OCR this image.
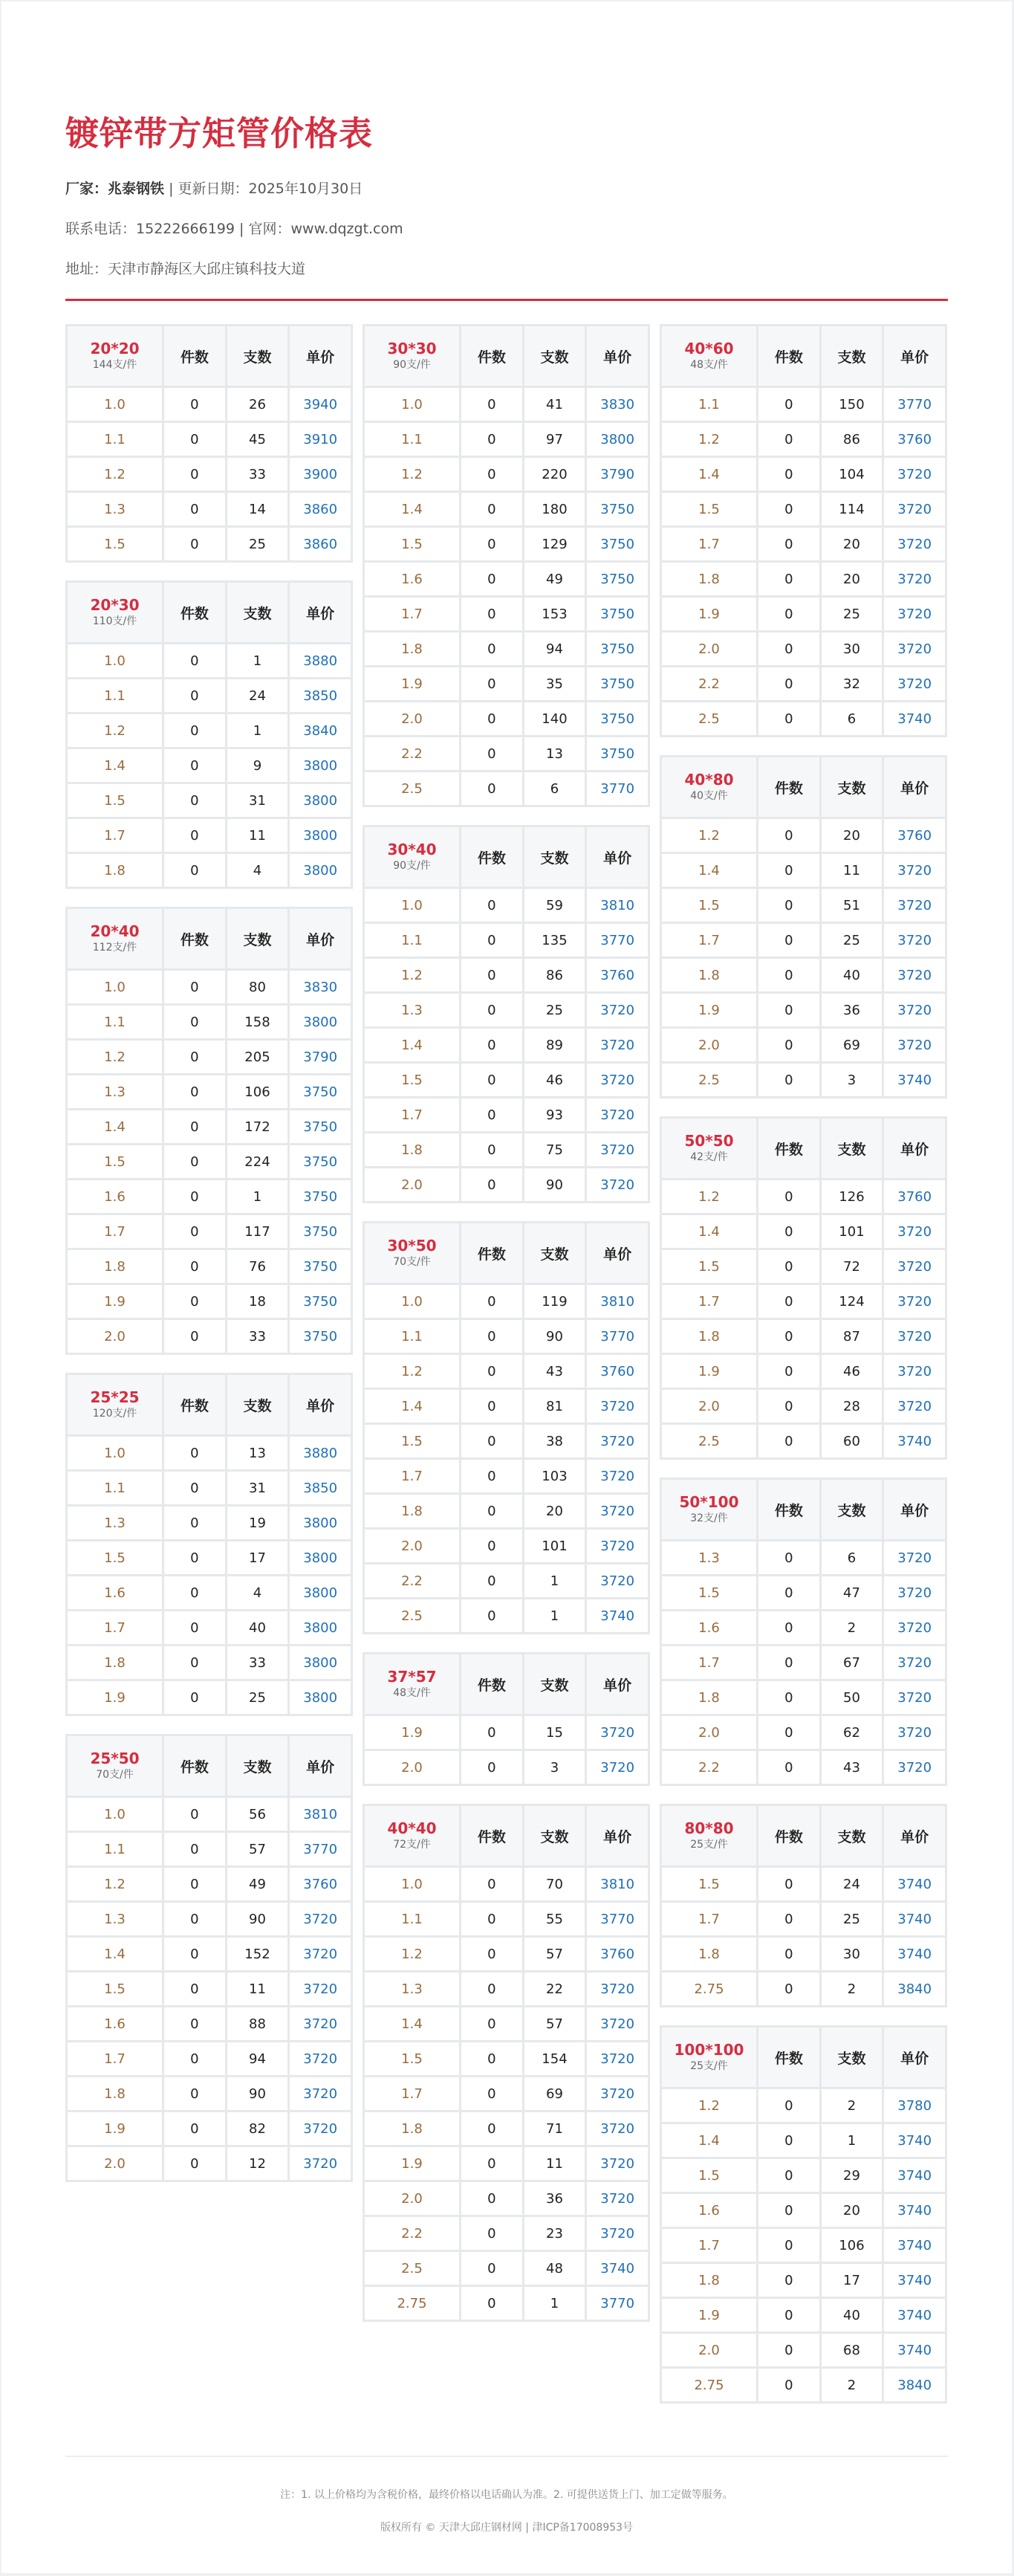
镀锌带方矩管价格表
厂家：兆泰钢铁 | 更新日期：2025年10月30日
联系电话：15222666199 | 官网：www.dqzgt.com
地址：天津市静海区大邱庄镇科技大道
20*20
144支/件	件数	支数	单价
1.0	0	26	3940
1.1	0	45	3910
1.2	0	33	3900
1.3	0	14	3860
1.5	0	25	3860
20*30
110支/件	件数	支数	单价
1.0	0	1	3880
1.1	0	24	3850
1.2	0	1	3840
1.4	0	9	3800
1.5	0	31	3800
1.7	0	11	3800
1.8	0	4	3800
20*40
112支/件	件数	支数	单价
1.0	0	80	3830
1.1	0	158	3800
1.2	0	205	3790
1.3	0	106	3750
1.4	0	172	3750
1.5	0	224	3750
1.6	0	1	3750
1.7	0	117	3750
1.8	0	76	3750
1.9	0	18	3750
2.0	0	33	3750
25*25
120支/件	件数	支数	单价
1.0	0	13	3880
1.1	0	31	3850
1.3	0	19	3800
1.5	0	17	3800
1.6	0	4	3800
1.7	0	40	3800
1.8	0	33	3800
1.9	0	25	3800
25*50
70支/件	件数	支数	单价
1.0	0	56	3810
1.1	0	57	3770
1.2	0	49	3760
1.3	0	90	3720
1.4	0	152	3720
1.5	0	11	3720
1.6	0	88	3720
1.7	0	94	3720
1.8	0	90	3720
1.9	0	82	3720
2.0	0	12	3720
30*30
90支/件	件数	支数	单价
1.0	0	41	3830
1.1	0	97	3800
1.2	0	220	3790
1.4	0	180	3750
1.5	0	129	3750
1.6	0	49	3750
1.7	0	153	3750
1.8	0	94	3750
1.9	0	35	3750
2.0	0	140	3750
2.2	0	13	3750
2.5	0	6	3770
30*40
90支/件	件数	支数	单价
1.0	0	59	3810
1.1	0	135	3770
1.2	0	86	3760
1.3	0	25	3720
1.4	0	89	3720
1.5	0	46	3720
1.7	0	93	3720
1.8	0	75	3720
2.0	0	90	3720
30*50
70支/件	件数	支数	单价
1.0	0	119	3810
1.1	0	90	3770
1.2	0	43	3760
1.4	0	81	3720
1.5	0	38	3720
1.7	0	103	3720
1.8	0	20	3720
2.0	0	101	3720
2.2	0	1	3720
2.5	0	1	3740
37*57
48支/件	件数	支数	单价
1.9	0	15	3720
2.0	0	3	3720
40*40
72支/件	件数	支数	单价
1.0	0	70	3810
1.1	0	55	3770
1.2	0	57	3760
1.3	0	22	3720
1.4	0	57	3720
1.5	0	154	3720
1.7	0	69	3720
1.8	0	71	3720
1.9	0	11	3720
2.0	0	36	3720
2.2	0	23	3720
2.5	0	48	3740
2.75	0	1	3770
40*60
48支/件	件数	支数	单价
1.1	0	150	3770
1.2	0	86	3760
1.4	0	104	3720
1.5	0	114	3720
1.7	0	20	3720
1.8	0	20	3720
1.9	0	25	3720
2.0	0	30	3720
2.2	0	32	3720
2.5	0	6	3740
40*80
40支/件	件数	支数	单价
1.2	0	20	3760
1.4	0	11	3720
1.5	0	51	3720
1.7	0	25	3720
1.8	0	40	3720
1.9	0	36	3720
2.0	0	69	3720
2.5	0	3	3740
50*50
42支/件	件数	支数	单价
1.2	0	126	3760
1.4	0	101	3720
1.5	0	72	3720
1.7	0	124	3720
1.8	0	87	3720
1.9	0	46	3720
2.0	0	28	3720
2.5	0	60	3740
50*100
32支/件	件数	支数	单价
1.3	0	6	3720
1.5	0	47	3720
1.6	0	2	3720
1.7	0	67	3720
1.8	0	50	3720
2.0	0	62	3720
2.2	0	43	3720
80*80
25支/件	件数	支数	单价
1.5	0	24	3740
1.7	0	25	3740
1.8	0	30	3740
2.75	0	2	3840
100*100
25支/件	件数	支数	单价
1.2	0	2	3780
1.4	0	1	3740
1.5	0	29	3740
1.6	0	20	3740
1.7	0	106	3740
1.8	0	17	3740
1.9	0	40	3740
2.0	0	68	3740
2.75	0	2	3840
注：1. 以上价格均为含税价格，最终价格以电话确认为准。2. 可提供送货上门、加工定做等服务。
版权所有 © 天津大邱庄钢材网 | 津ICP备17008953号
